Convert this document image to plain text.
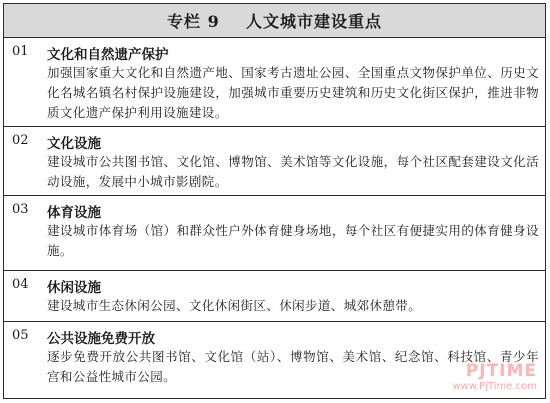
专栏 9    人文城市建设重点
01 文化和自然遗产保护
加强国家重大文化和自然遗产地、国家考古遗址公园、全国重点文物保护单位、历史文化名城名镇名村保护设施建设，加强城市重要历史建筑和历史文化街区保护，推进非物质文化遗产保护利用设施建设。
02 文化设施
建设城市公共图书馆、文化馆、博物馆、美术馆等文化设施，每个社区配套建设文化活动设施，发展中小城市影剧院。
03 体育设施
建设城市体育场（馆）和群众性户外体育健身场地，每个社区有便捷实用的体育健身设施。
04 休闲设施
建设城市生态休闲公园、文化休闲街区、休闲步道、城郊休憩带。
05 公共设施免费开放
逐步免费开放公共图书馆、文化馆（站）、博物馆、美术馆、纪念馆、科技馆、青少年宫和公益性城市公园。	PJTIME
www.PjTime.com
